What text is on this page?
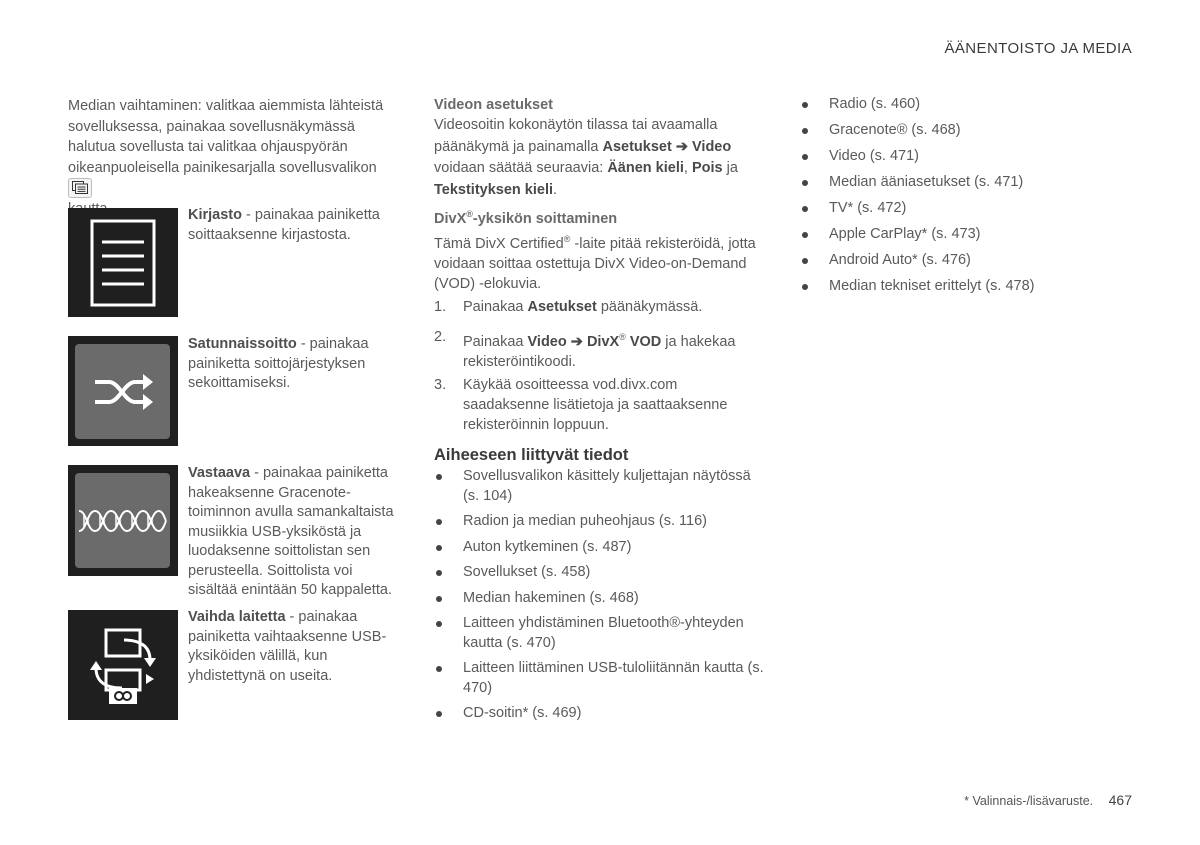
ÄÄNENTOISTO JA MEDIA

Median vaihtaminen: valitkaa aiemmista lähteistä sovelluksessa, painakaa sovellusnäkymässä halutua sovellusta tai valitkaa ohjauspyörän oikeanpuoleisella painikesarjalla sovellusvalikon

Kirjasto - painakaa painiketta soittaaksenne kirjastosta.
Satunnaissoitto - painakaa painiketta soittojärjestyksen sekoittamiseksi.
Vastaava - painakaa painiketta hakeaksenne Gracenote-toiminnon avulla samankaltaista musiikkia USB-yksiköstä ja luodaksenne soittolistan sen perusteella. Soittolista voi sisältää enintään 50 kappaletta.
Vaihda laitetta - painakaa painiketta vaihtaaksenne USB-yksiköiden välillä, kun yhdistettynä on useita.
Videon asetukset

Videosoitin kokonäytön tilassa tai avaamalla päänäkymä ja painamalla Asetukset ➔ Video voidaan säätää seuraavia: Äänen kieli, Pois ja Tekstityksen kieli.

DivX®-yksikön soittaminen

Tämä DivX Certified® -laite pitää rekisteröidä, jotta voidaan soittaa ostettuja DivX Video-on-Demand (VOD) -elokuvia.

1. Painakaa Asetukset päänäkymässä.
2. Painakaa Video ➔ DivX® VOD ja hakekaa rekisteröintikoodi.
3. Käykää osoitteessa vod.divx.com saadaksenne lisätietoja ja saattaaksenne rekisteröinnin loppuun.
Aiheeseen liittyvät tiedot
Sovellusvalikon käsittely kuljettajan näytössä (s. 104)
Radion ja median puheohjaus (s. 116)
Auton kytkeminen (s. 487)
Sovellukset (s. 458)
Median hakeminen (s. 468)
Laitteen yhdistäminen Bluetooth®-yhteyden kautta (s. 470)
Laitteen liittäminen USB-tuloliitännän kautta (s. 470)
CD-soitin* (s. 469)
Radio (s. 460)
Gracenote® (s. 468)
Video (s. 471)
Median ääniasetukset (s. 471)
TV* (s. 472)
Apple CarPlay* (s. 473)
Android Auto* (s. 476)
Median tekniset erittelyt (s. 478)
* Valinnais-/lisävaruste. 467
